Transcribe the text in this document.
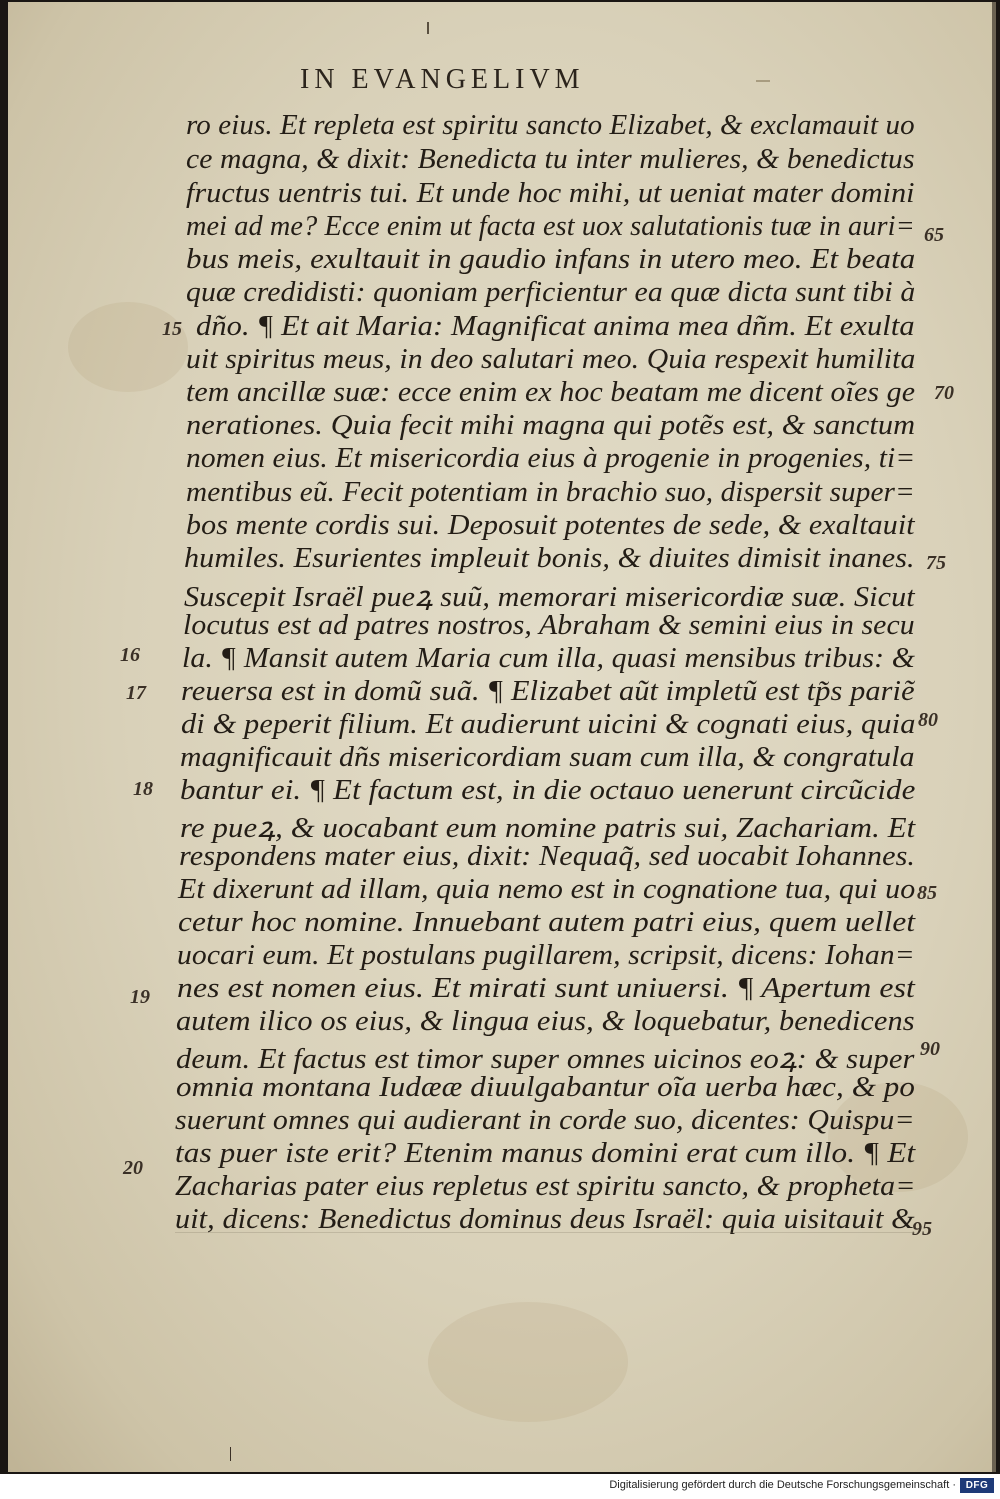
IN EVANGELIVM
ro eius. Et repleta est spiritu sancto Elizabet, & exclamauit uo
ce magna, & dixit: Benedicta tu inter mulieres, & benedictus
fructus uentris tui. Et unde hoc mihi, ut ueniat mater domini
mei ad me? Ecce enim ut facta est uox salutationis tuæ in auri=
bus meis, exultauit in gaudio infans in utero meo. Et beata
quæ credidisti: quoniam perficientur ea quæ dicta sunt tibi à
dño. ¶ Et ait Maria: Magnificat anima mea dñm. Et exulta
uit spiritus meus, in deo salutari meo. Quia respexit humilita
tem ancillæ suæ: ecce enim ex hoc beatam me dicent oĩes ge
nerationes. Quia fecit mihi magna qui potẽs est, & sanctum
nomen eius. Et misericordia eius à progenie in progenies, ti=
mentibus eũ. Fecit potentiam in brachio suo, dispersit super=
bos mente cordis sui. Deposuit potentes de sede, & exaltauit
humiles. Esurientes impleuit bonis, & diuites dimisit inanes.
Suscepit Israël pueꝝ suũ, memorari misericordiæ suæ. Sicut
locutus est ad patres nostros, Abraham & semini eius in secu
la. ¶ Mansit autem Maria cum illa, quasi mensibus tribus: &
reuersa est in domũ suã. ¶ Elizabet aũt impletũ est tp̃s pariẽ
di & peperit filium. Et audierunt uicini & cognati eius, quia
magnificauit dñs misericordiam suam cum illa, & congratula
bantur ei. ¶ Et factum est, in die octauo uenerunt circũcide
re pueꝝ, & uocabant eum nomine patris sui, Zachariam. Et
respondens mater eius, dixit: Nequaq̃, sed uocabit Iohannes.
Et dixerunt ad illam, quia nemo est in cognatione tua, qui uo
cetur hoc nomine. Innuebant autem patri eius, quem uellet
uocari eum. Et postulans pugillarem, scripsit, dicens: Iohan=
nes est nomen eius. Et mirati sunt uniuersi. ¶ Apertum est
autem ilico os eius, & lingua eius, & loquebatur, benedicens
deum. Et factus est timor super omnes uicinos eoꝝ: & super
omnia montana Iudææ diuulgabantur oĩa uerba hæc, & po
suerunt omnes qui audierant in corde suo, dicentes: Quispu=
tas puer iste erit? Etenim manus domini erat cum illo. ¶ Et
Zacharias pater eius repletus est spiritu sancto, & propheta=
uit, dicens: Benedictus dominus deus Israël: quia uisitauit &
15
16
17
18
19
20
65
70
75
80
85
90
95
Digitalisierung gefördert durch die Deutsche Forschungsgemeinschaft · DFG
